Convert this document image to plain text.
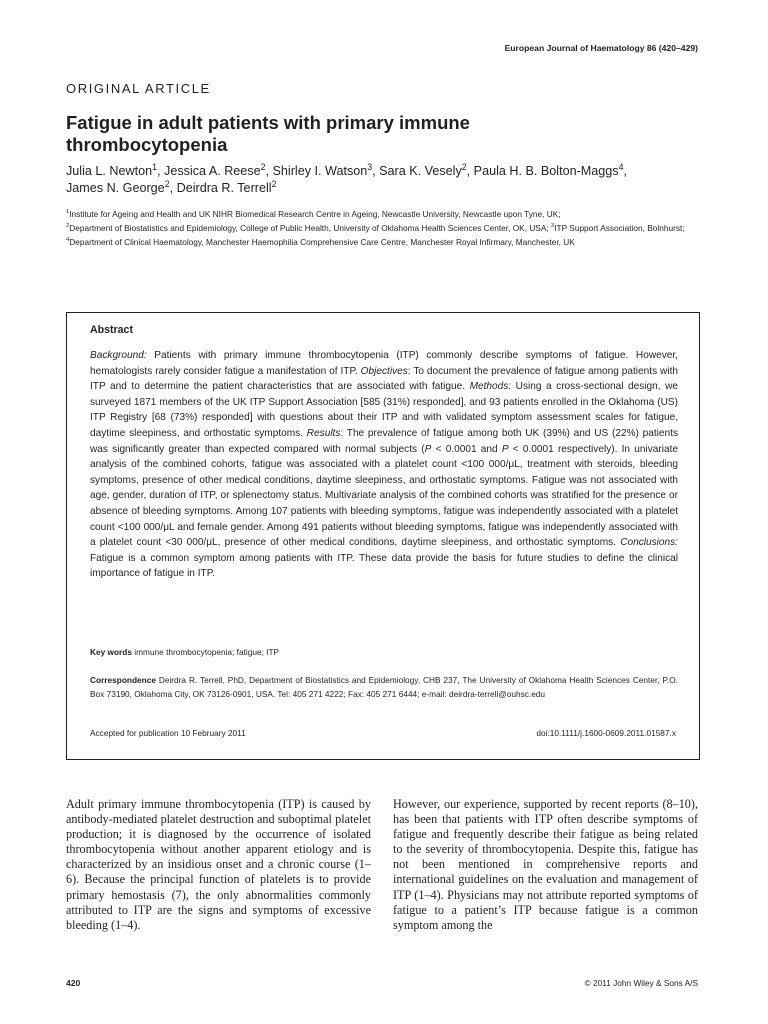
European Journal of Haematology 86 (420–429)
ORIGINAL ARTICLE
Fatigue in adult patients with primary immune
thrombocytopenia
Julia L. Newton$^1$, Jessica A. Reese$^2$, Shirley I. Watson$^3$, Sara K. Vesely$^2$, Paula H. B. Bolton-Maggs$^4$,
James N. George$^2$, Deirdra R. Terrell$^2$
$^1$Institute for Ageing and Health and UK NIHR Biomedical Research Centre in Ageing, Newcastle University, Newcastle upon Tyne, UK;
$^2$Department of Biostatistics and Epidemiology, College of Public Health, University of Oklahoma Health Sciences Center, OK, USA; $^3$ITP Support Association, Bolnhurst; $^4$Department of Clinical Haematology, Manchester Haemophilia Comprehensive Care Centre, Manchester Royal Infirmary, Manchester, UK
Abstract
Background: Patients with primary immune thrombocytopenia (ITP) commonly describe symptoms of fatigue. However, hematologists rarely consider fatigue a manifestation of ITP. Objectives: To document the prevalence of fatigue among patients with ITP and to determine the patient characteristics that are associated with fatigue. Methods: Using a cross-sectional design, we surveyed 1871 members of the UK ITP Support Association [585 (31%) responded], and 93 patients enrolled in the Oklahoma (US) ITP Registry [68 (73%) responded] with questions about their ITP and with validated symptom assessment scales for fatigue, daytime sleepiness, and orthostatic symptoms. Results: The prevalence of fatigue among both UK (39%) and US (22%) patients was significantly greater than expected compared with normal subjects (P < 0.0001 and P < 0.0001 respectively). In univariate analysis of the combined cohorts, fatigue was associated with a platelet count <100 000/μL, treatment with steroids, bleeding symptoms, presence of other medical conditions, daytime sleepiness, and orthostatic symptoms. Fatigue was not associated with age, gender, duration of ITP, or splenectomy status. Multivariate analysis of the combined cohorts was stratified for the presence or absence of bleeding symptoms. Among 107 patients with bleeding symptoms, fatigue was independently associated with a platelet count <100 000/μL and female gender. Among 491 patients without bleeding symptoms, fatigue was independently associated with a platelet count <30 000/μL, presence of other medical conditions, daytime sleepiness, and orthostatic symptoms. Conclusions: Fatigue is a common symptom among patients with ITP. These data provide the basis for future studies to define the clinical importance of fatigue in ITP.
Key words immune thrombocytopenia; fatigue; ITP
Correspondence Deirdra R. Terrell, PhD, Department of Biostatistics and Epidemiology, CHB 237, The University of Oklahoma Health Sciences Center, P.O. Box 73190, Oklahoma City, OK 73126-0901, USA. Tel: 405 271 4222; Fax: 405 271 6444; e-mail: deirdra-terrell@ouhsc.edu
Accepted for publication 10 February 2011	doi:10.1111/j.1600-0609.2011.01587.x
Adult primary immune thrombocytopenia (ITP) is caused by antibody-mediated platelet destruction and suboptimal platelet production; it is diagnosed by the occurrence of isolated thrombocytopenia without another apparent etiology and is characterized by an insidious onset and a chronic course (1–6). Because the principal function of platelets is to provide primary hemostasis (7), the only abnormalities commonly attributed to ITP are the signs and symptoms of excessive bleeding (1–4).
However, our experience, supported by recent reports (8–10), has been that patients with ITP often describe symptoms of fatigue and frequently describe their fatigue as being related to the severity of thrombocytopenia. Despite this, fatigue has not been mentioned in comprehensive reports and international guidelines on the evaluation and management of ITP (1–4). Physicians may not attribute reported symptoms of fatigue to a patient’s ITP because fatigue is a common symptom among the
420	© 2011 John Wiley & Sons A/S
